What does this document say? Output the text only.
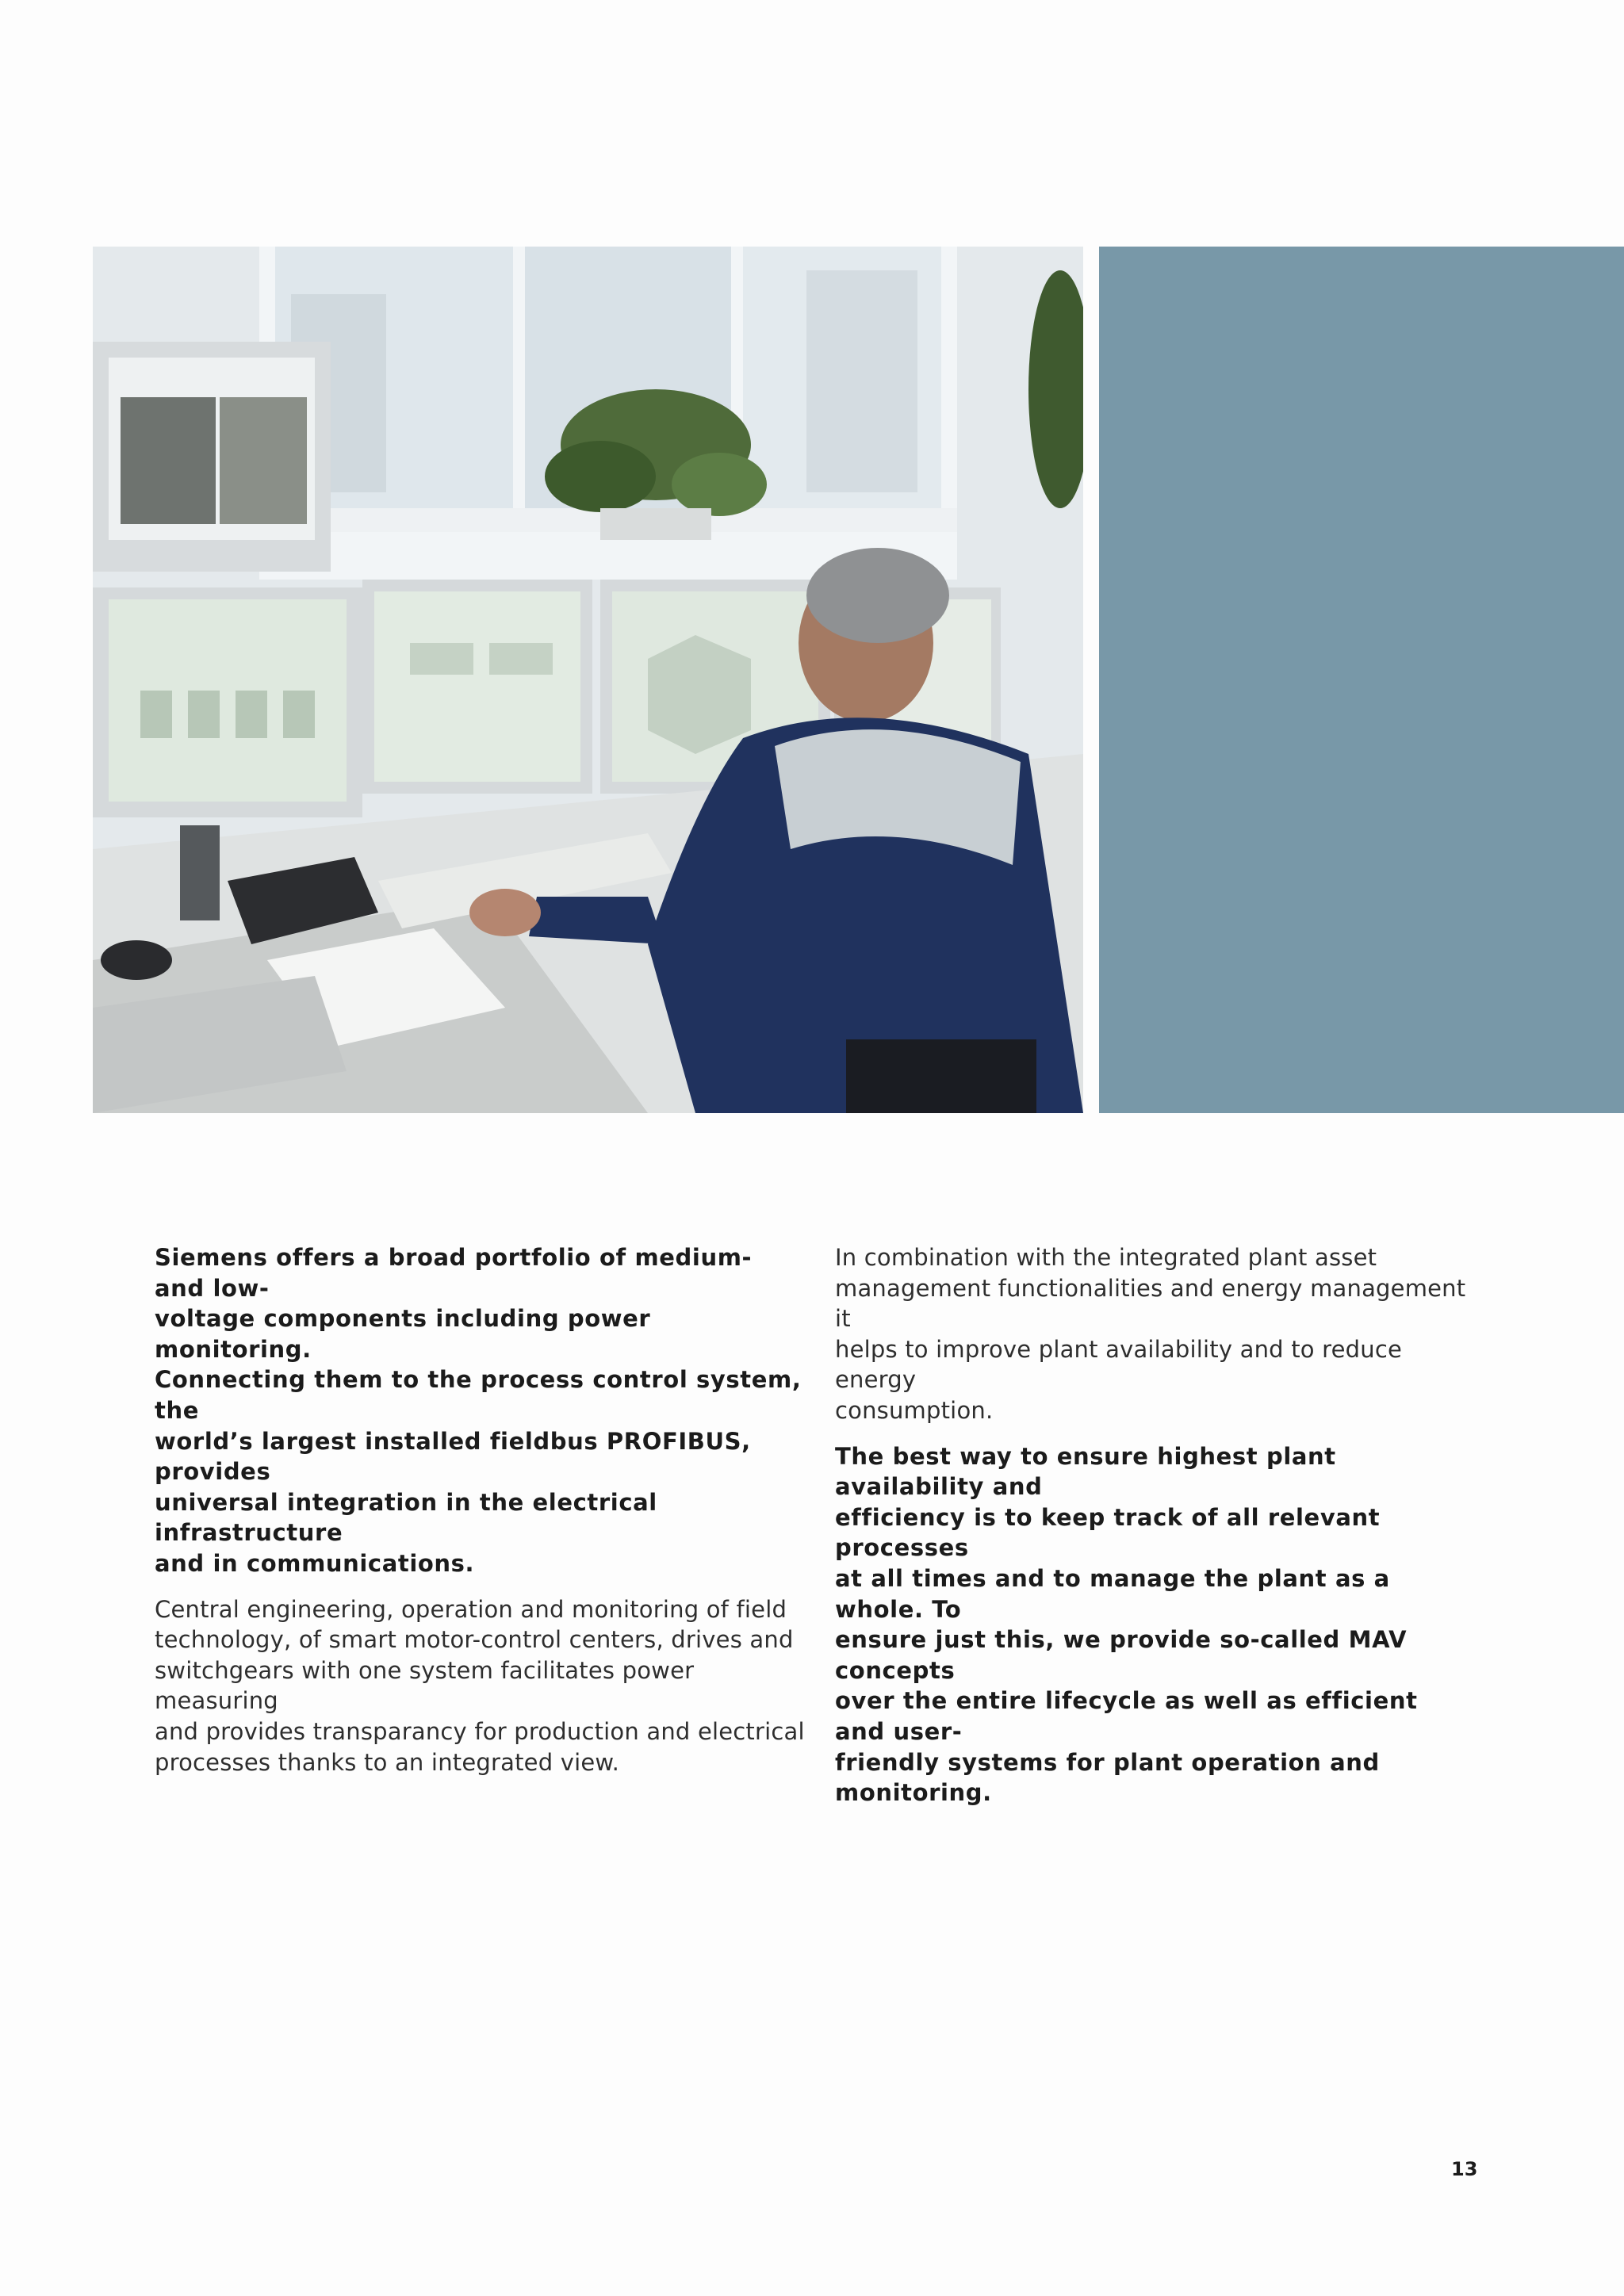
Siemens offers a broad portfolio of medium- and low-
voltage components including power monitoring.
Connecting them to the process control system, the
world’s largest installed fieldbus PROFIBUS, provides
universal integration in the electrical infrastructure
and in communications.

Central engineering, operation and monitoring of field
technology, of smart motor-control centers, drives and
switchgears with one system facilitates power measuring
and provides transparancy for production and electrical
processes thanks to an integrated view.

In combination with the integrated plant asset
management functionalities and energy management it
helps to improve plant availability and to reduce energy
consumption.

The best way to ensure highest plant availability and
efficiency is to keep track of all relevant processes
at all times and to manage the plant as a whole. To
ensure just this, we provide so-called MAV concepts
over the entire lifecycle as well as efficient and user-
friendly systems for plant operation and monitoring.

13
